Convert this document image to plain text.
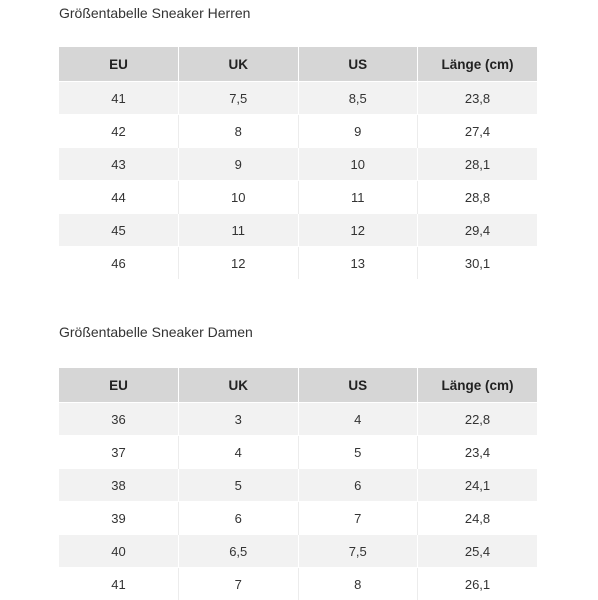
Größentabelle Sneaker Herren
EU	UK	US	Länge (cm)
41	7,5	8,5	23,8
42	8	9	27,4
43	9	10	28,1
44	10	11	28,8
45	11	12	29,4
46	12	13	30,1
Größentabelle Sneaker Damen
EU	UK	US	Länge (cm)
36	3	4	22,8
37	4	5	23,4
38	5	6	24,1
39	6	7	24,8
40	6,5	7,5	25,4
41	7	8	26,1
